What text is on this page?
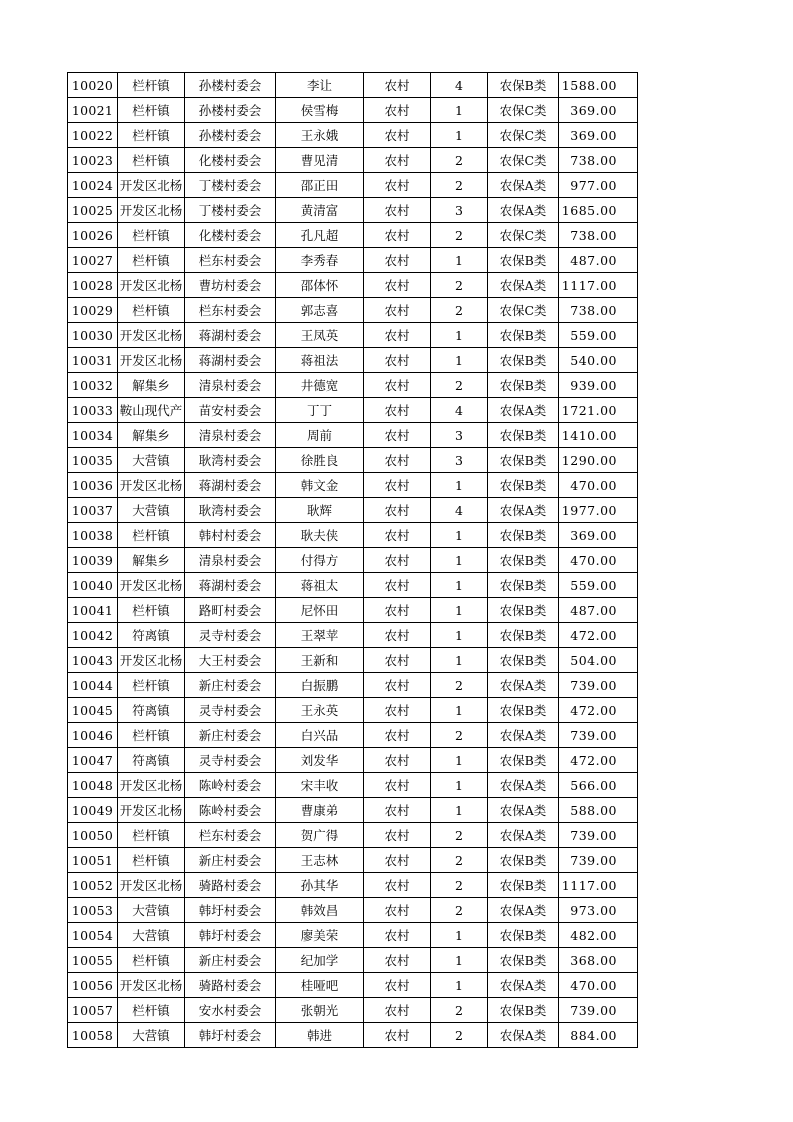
10020	栏杆镇	孙楼村委会	李让	农村	4	农保B类	1588.00
10021	栏杆镇	孙楼村委会	侯雪梅	农村	1	农保C类	369.00
10022	栏杆镇	孙楼村委会	王永娥	农村	1	农保C类	369.00
10023	栏杆镇	化楼村委会	曹见清	农村	2	农保C类	738.00
10024	开发区北杨	丁楼村委会	邵正田	农村	2	农保A类	977.00
10025	开发区北杨	丁楼村委会	黄清富	农村	3	农保A类	1685.00
10026	栏杆镇	化楼村委会	孔凡超	农村	2	农保C类	738.00
10027	栏杆镇	栏东村委会	李秀春	农村	1	农保B类	487.00
10028	开发区北杨	曹坊村委会	邵体怀	农村	2	农保A类	1117.00
10029	栏杆镇	栏东村委会	郭志喜	农村	2	农保C类	738.00
10030	开发区北杨	蒋湖村委会	王凤英	农村	1	农保B类	559.00
10031	开发区北杨	蒋湖村委会	蒋祖法	农村	1	农保B类	540.00
10032	解集乡	清泉村委会	井德宽	农村	2	农保B类	939.00
10033	鞍山现代产	苗安村委会	丁丁	农村	4	农保A类	1721.00
10034	解集乡	清泉村委会	周前	农村	3	农保B类	1410.00
10035	大营镇	耿湾村委会	徐胜良	农村	3	农保B类	1290.00
10036	开发区北杨	蒋湖村委会	韩文金	农村	1	农保B类	470.00
10037	大营镇	耿湾村委会	耿辉	农村	4	农保A类	1977.00
10038	栏杆镇	韩村村委会	耿夫侠	农村	1	农保B类	369.00
10039	解集乡	清泉村委会	付得方	农村	1	农保B类	470.00
10040	开发区北杨	蒋湖村委会	蒋祖太	农村	1	农保B类	559.00
10041	栏杆镇	路町村委会	尼怀田	农村	1	农保B类	487.00
10042	符离镇	灵寺村委会	王翠苹	农村	1	农保B类	472.00
10043	开发区北杨	大王村委会	王新和	农村	1	农保B类	504.00
10044	栏杆镇	新庄村委会	白振鹏	农村	2	农保A类	739.00
10045	符离镇	灵寺村委会	王永英	农村	1	农保B类	472.00
10046	栏杆镇	新庄村委会	白兴品	农村	2	农保A类	739.00
10047	符离镇	灵寺村委会	刘发华	农村	1	农保B类	472.00
10048	开发区北杨	陈岭村委会	宋丰收	农村	1	农保A类	566.00
10049	开发区北杨	陈岭村委会	曹康弟	农村	1	农保A类	588.00
10050	栏杆镇	栏东村委会	贺广得	农村	2	农保A类	739.00
10051	栏杆镇	新庄村委会	王志林	农村	2	农保B类	739.00
10052	开发区北杨	骑路村委会	孙其华	农村	2	农保B类	1117.00
10053	大营镇	韩圩村委会	韩效昌	农村	2	农保A类	973.00
10054	大营镇	韩圩村委会	廖美荣	农村	1	农保B类	482.00
10055	栏杆镇	新庄村委会	纪加学	农村	1	农保B类	368.00
10056	开发区北杨	骑路村委会	桂哑吧	农村	1	农保A类	470.00
10057	栏杆镇	安水村委会	张朝光	农村	2	农保B类	739.00
10058	大营镇	韩圩村委会	韩进	农村	2	农保A类	884.00
